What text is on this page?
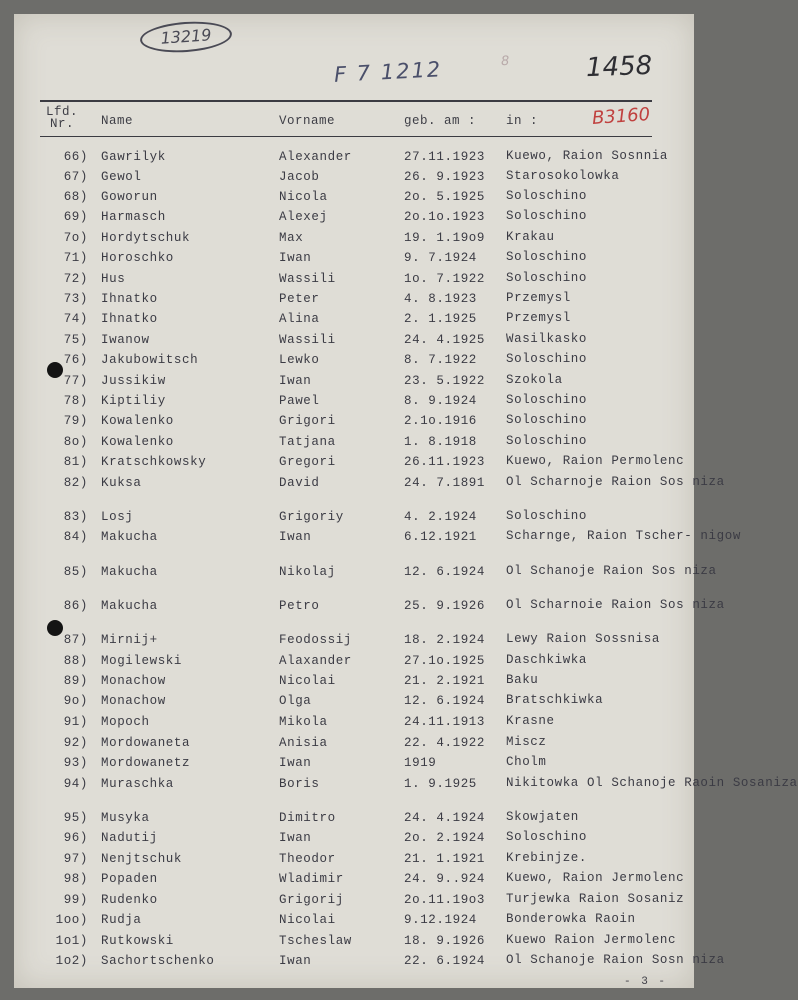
13219
F 7 1212	8	1458
B3160
Lfd. Nr.	Name	Vorname	geb. am : in :
66) Gawrilyk	Alexander	27.11.1923 Kuewo, Raion Sosnnia
67) Gewol	Jacob	26. 9.1923 Starosokolowka
68) Goworun	Nicola	2o. 5.1925 Soloschino
69) Harmasch	Alexej	2o.1o.1923 Soloschino
7o) Hordytschuk	Max	19. 1.19o9 Krakau
71) Horoschko	Iwan	9. 7.1924 Soloschino
72) Hus	Wassili	1o. 7.1922 Soloschino
73) Ihnatko	Peter	4. 8.1923 Przemysl
74) Ihnatko	Alina	2. 1.1925 Przemysl
75) Iwanow	Wassili	24. 4.1925 Wasilkasko
76) Jakubowitsch	Lewko	8. 7.1922 Soloschino
77) Jussikiw	Iwan	23. 5.1922 Szokola
78) Kiptiliy	Pawel	8. 9.1924 Soloschino
79) Kowalenko	Grigori	2.1o.1916 Soloschino
8o) Kowalenko	Tatjana	1. 8.1918 Soloschino
81) Kratschkowsky	Gregori	26.11.1923 Kuewo, Raion Permolenc
82) Kuksa	David	24. 7.1891 Ol Scharnoje Raion Sos niza
83) Losj	Grigoriy	4. 2.1924 Soloschino
84) Makucha	Iwan	6.12.1921 Scharnge, Raion Tscher- nigow
85) Makucha	Nikolaj	12. 6.1924 Ol Schanoje Raion Sos niza
86) Makucha	Petro	25. 9.1926 Ol Scharnoie Raion Sos niza
87) Mirnij+	Feodossij	18. 2.1924 Lewy Raion Sossnisa
88) Mogilewski	Alaxander	27.1o.1925 Daschkiwka
89) Monachow	Nicolai	21. 2.1921 Baku
9o) Monachow	Olga	12. 6.1924 Bratschkiwka
91) Mopoch	Mikola	24.11.1913 Krasne
92) Mordowaneta	Anisia	22. 4.1922 Miscz
93) Mordowanetz	Iwan	1919	Cholm
94) Muraschka	Boris	1. 9.1925 Nikitowka Ol Schanoje Raoin Sosaniza
95) Musyka	Dimitro	24. 4.1924 Skowjaten
96) Nadutij	Iwan	2o. 2.1924 Soloschino
97) Nenjtschuk	Theodor	21. 1.1921 Krebinjze.
98) Popaden	Wladimir	24. 9..924 Kuewo, Raion Jermolenc
99) Rudenko	Grigorij	2o.11.19o3 Turjewka Raion Sosaniz
1oo) Rudja	Nicolai	9.12.1924 Bonderowka Raoin
1o1) Rutkowski	Tscheslaw	18. 9.1926 Kuewo Raion Jermolenc
1o2) Sachortschenko	Iwan	22. 6.1924 Ol Schanoje Raion Sosn niza
- 3 -
